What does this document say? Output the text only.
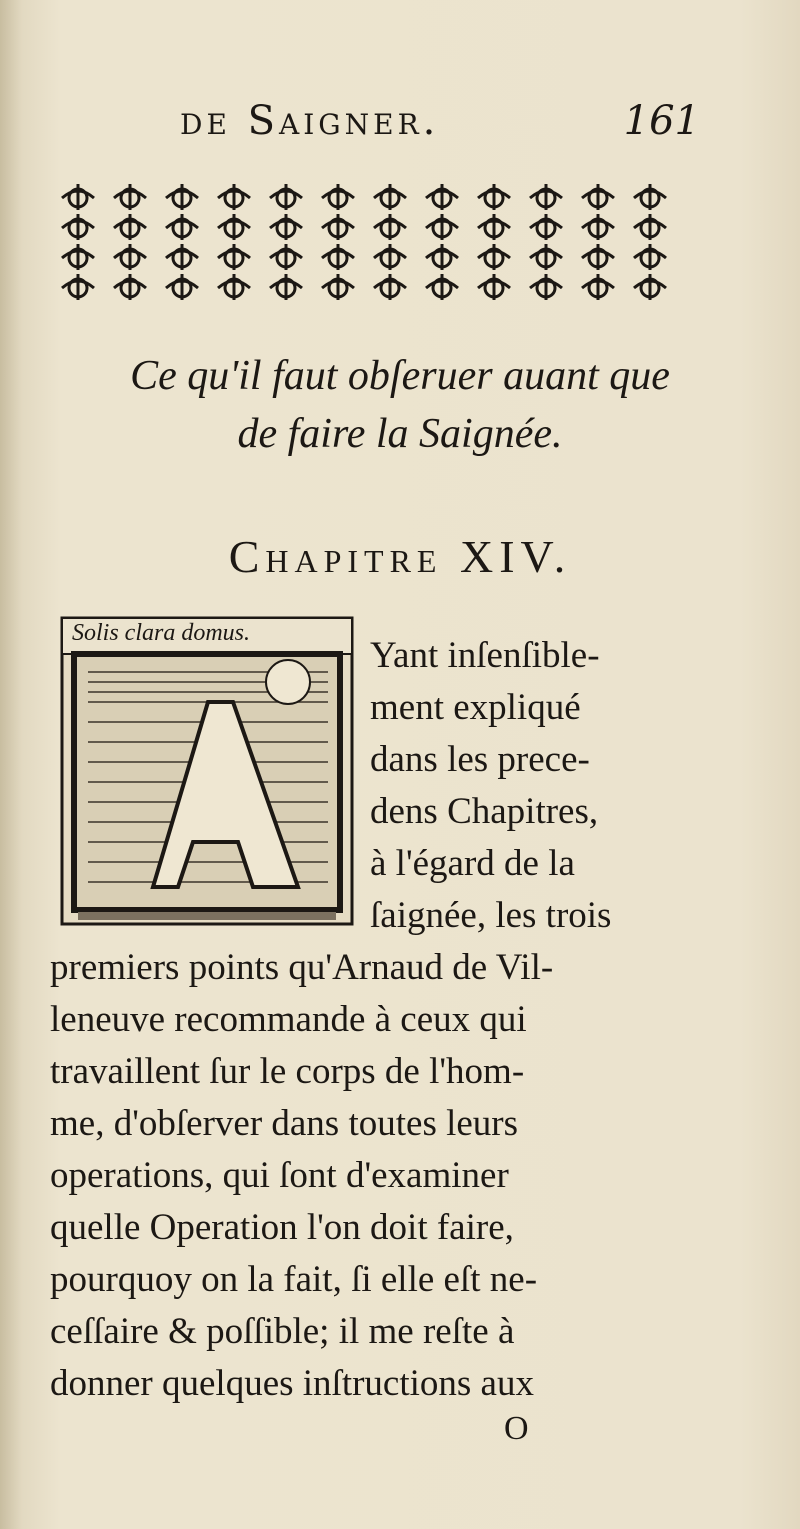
de Saigner.	161
Ce qu'il faut obſeruer auant que
de faire la Saignée.
Chapitre XIV.
Solis clara domus.
Yant inſenſible-
ment expliqué
dans les prece-
dens Chapitres,
à l'égard de la
ſaignée, les trois
premiers points qu'Arnaud de Vil-
leneuve recommande à ceux qui
travaillent ſur le corps de l'hom-
me, d'obſerver dans toutes leurs
operations, qui ſont d'examiner
quelle Operation l'on doit faire,
pourquoy on la fait, ſi elle eſt ne-
ceſſaire & poſſible; il me reſte à
donner quelques inſtructions aux
O
